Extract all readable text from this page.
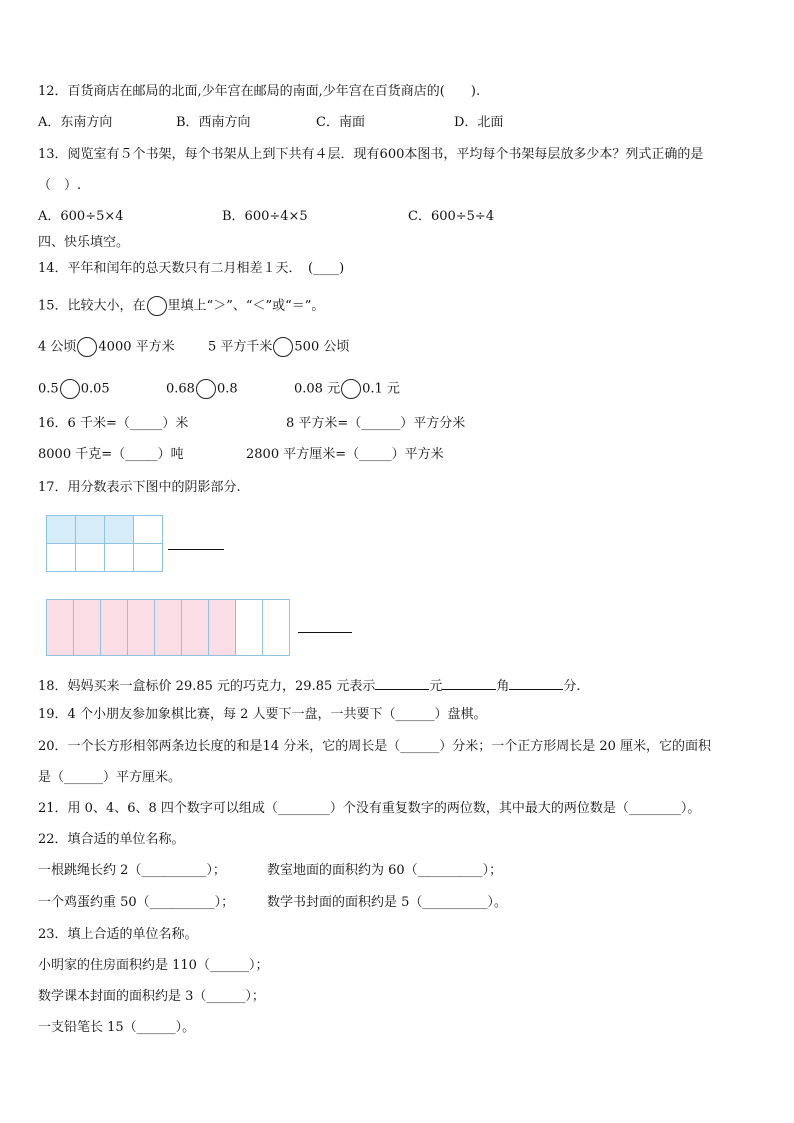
12．百货商店在邮局的北面,少年宫在邮局的南面,少年宫在百货商店的(　　).
A．东南方向	B．西南方向	C．南面	D．北面
13．阅览室有５个书架，每个书架从上到下共有４层．现有600本图书，平均每个书架每层放多少本？列式正确的是
（　）.
A．600÷5×4	B．600÷4×5	C．600÷5÷4
四、快乐填空。
14．平年和闰年的总天数只有二月相差１天．　(____)
15．比较大小，在 里填上“＞”、“＜”或“＝”。
4 公顷 4000 平方米	5 平方千米 500 公顷
0.5 0.05	0.68 0.8	0.08 元 0.1 元
16．6 千米=（_____）米	8 平方米=（______）平方分米
8000 千克=（_____）吨	2800 平方厘米=（_____）平方米
17．用分数表示下图中的阴影部分.

18．妈妈买来一盒标价 29.85 元的巧克力，29.85 元表示	元	角	分.
19．4 个小朋友参加象棋比赛，每 2 人要下一盘，一共要下（______）盘棋。
20．一个长方形相邻两条边长度的和是14 分米，它的周长是（______）分米；一个正方形周长是 20 厘米，它的面积
是（______）平方厘米。
21．用 0、4、6、8 四个数字可以组成（________）个没有重复数字的两位数，其中最大的两位数是（________）。
22．填合适的单位名称。
一根跳绳长约 2（__________）；	教室地面的面积约为 60（__________）；
一个鸡蛋约重 50（__________）；	数学书封面的面积约是 5（__________）。
23．填上合适的单位名称。
小明家的住房面积约是 110（______）；
数学课本封面的面积约是 3（______）；
一支铅笔长 15（______）。
